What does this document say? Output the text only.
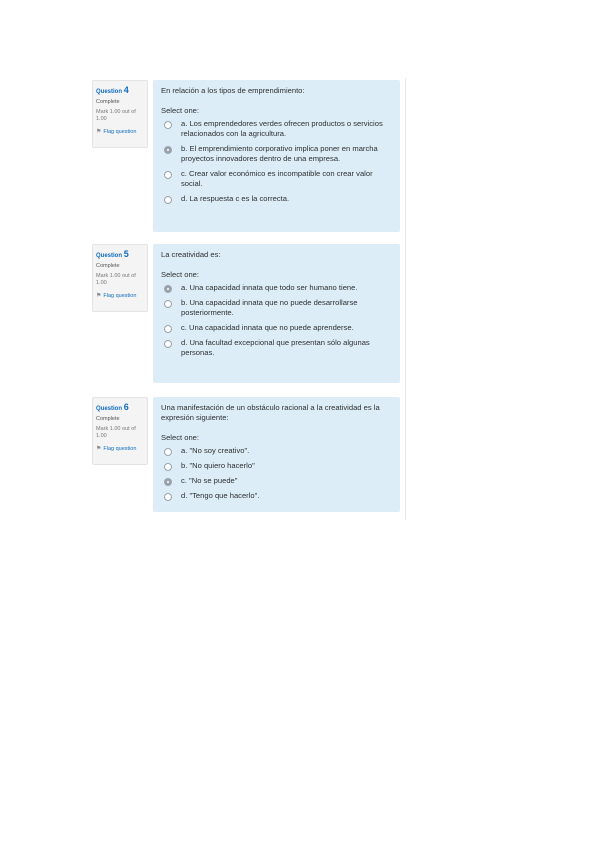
Question 4
Complete
Mark 1.00 out of 1.00
⚑ Flag question
En relación a los tipos de emprendimiento:
Select one:
a. Los emprendedores verdes ofrecen productos o servicios relacionados con la agricultura.
b. El emprendimiento corporativo implica poner en marcha proyectos innovadores dentro de una empresa.
c. Crear valor económico es incompatible con crear valor social.
d. La respuesta c es la correcta.
Question 5
Complete
Mark 1.00 out of 1.00
⚑ Flag question
La creatividad es:
Select one:
a. Una capacidad innata que todo ser humano tiene.
b. Una capacidad innata que no puede desarrollarse posteriormente.
c. Una capacidad innata que no puede aprenderse.
d. Una facultad excepcional que presentan sólo algunas personas.
Question 6
Complete
Mark 1.00 out of 1.00
⚑ Flag question
Una manifestación de un obstáculo racional a la creatividad es la expresión siguiente:
Select one:
a. "No soy creativo".
b. "No quiero hacerlo"
c. "No se puede"
d. "Tengo que hacerlo".
